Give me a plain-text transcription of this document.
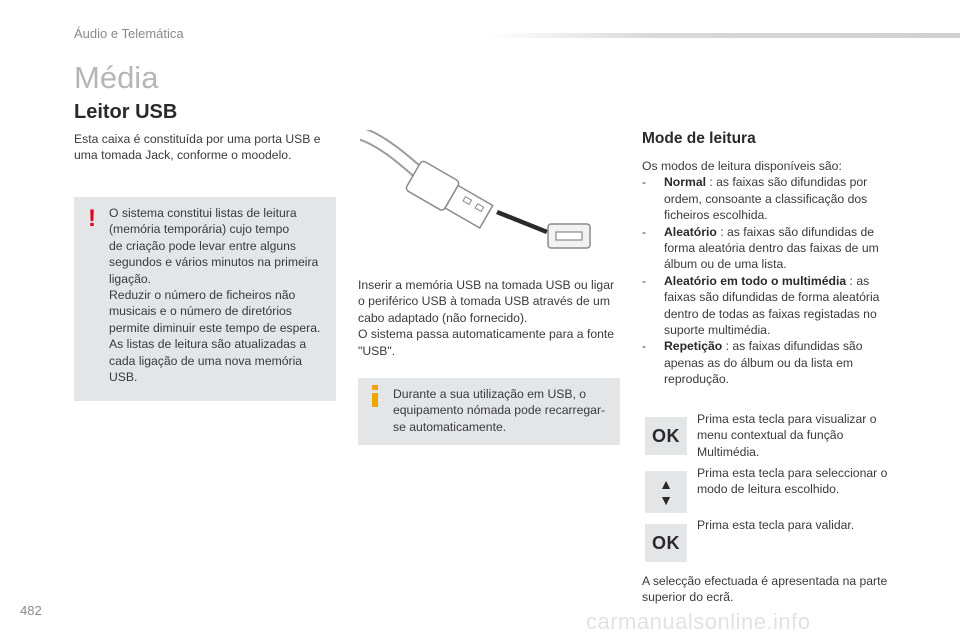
Áudio e Telemática
Média
Leitor USB

Esta caixa é constituída por uma porta USB e uma tomada Jack, conforme o moodelo.

! O sistema constitui listas de leitura
(memória temporária) cujo tempo
de criação pode levar entre alguns
segundos e vários minutos na primeira
ligação.
Reduzir o número de ficheiros não
musicais e o número de diretórios
permite diminuir este tempo de espera.
As listas de leitura são atualizadas a
cada ligação de uma nova memória
USB.
Inserir a memória USB na tomada USB ou ligar
o periférico USB à tomada USB através de um
cabo adaptado (não fornecido).
O sistema passa automaticamente para a fonte
"USB".
Durante a sua utilização em USB, o
equipamento nómada pode recarregar-
se automaticamente.
Mode de leitura
Os modos de leitura disponíveis são:
- Normal : as faixas são difundidas por ordem, consoante a classificação dos ficheiros escolhida.
- Aleatório : as faixas são difundidas de forma aleatória dentro das faixas de um álbum ou de uma lista.
- Aleatório em todo o multimédia : as faixas são difundidas de forma aleatória dentro de todas as faixas registadas no suporte multimédia.
- Repetição : as faixas difundidas são apenas as do álbum ou da lista em reprodução.
OK
Prima esta tecla para visualizar o menu contextual da função Multimédia.
▲
▼
Prima esta tecla para seleccionar o modo de leitura escolhido.
OK
Prima esta tecla para validar.

A selecção efectuada é apresentada na parte superior do ecrã.

482	carmanualsonline.info
